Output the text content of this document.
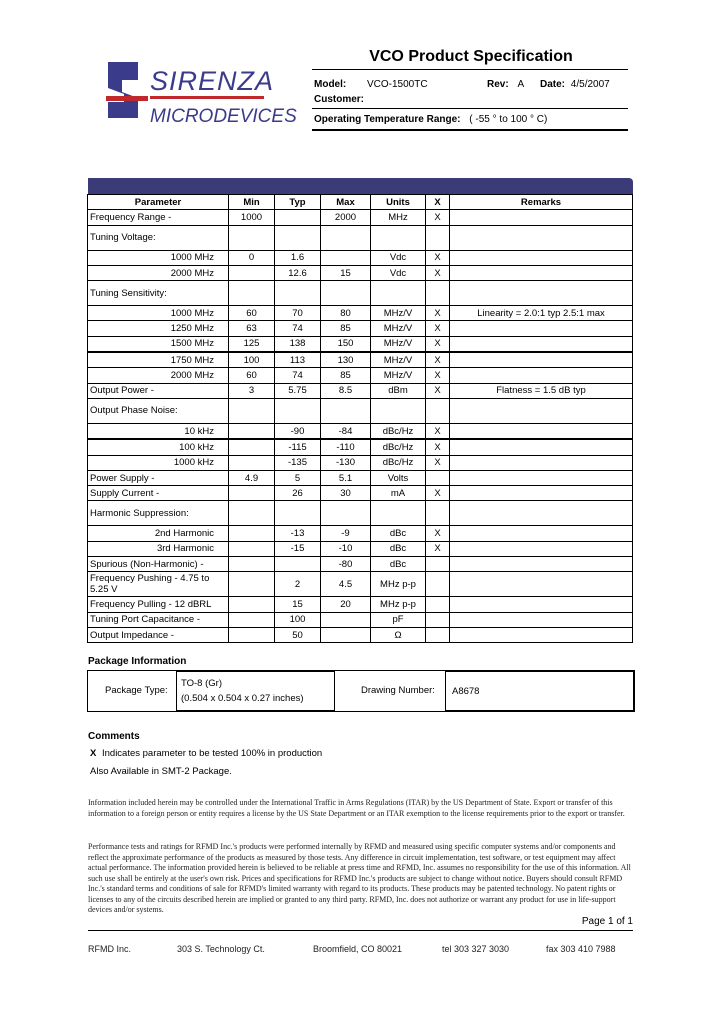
SIRENZA
MICRODEVICES
VCO Product Specification
Model: VCO-1500TC	Rev: A Date: 4/5/2007
Customer:
Operating Temperature Range: ( -55 ° to 100 ° C)
Parameter	Min	Typ	Max	Units	X	Remarks
Frequency Range -	1000		2000	MHz	X	
Tuning Voltage:						
1000 MHz	0	1.6		Vdc	X	
2000 MHz		12.6	15	Vdc	X	
Tuning Sensitivity:						
1000 MHz	60	70	80	MHz/V	X	Linearity = 2.0:1 typ 2.5:1 max
1250 MHz	63	74	85	MHz/V	X	
1500 MHz	125	138	150	MHz/V	X	
1750 MHz	100	113	130	MHz/V	X	
2000 MHz	60	74	85	MHz/V	X	
Output Power -	3	5.75	8.5	dBm	X	Flatness = 1.5 dB typ
Output Phase Noise:						
10 kHz		-90	-84	dBc/Hz	X	
100 kHz		-115	-110	dBc/Hz	X	
1000 kHz		-135	-130	dBc/Hz	X	
Power Supply -	4.9	5	5.1	Volts		
Supply Current -		26	30	mA	X	
Harmonic Suppression:						
2nd Harmonic		-13	-9	dBc	X	
3rd Harmonic		-15	-10	dBc	X	
Spurious (Non-Harmonic) -			-80	dBc		
Frequency Pushing - 4.75 to 5.25 V		2	4.5	MHz p-p		
Frequency Pulling - 12 dBRL		15	20	MHz p-p		
Tuning Port Capacitance -		100		pF		
Output Impedance -		50		Ω		
Package Information
Package Type:
TO-8 (Gr)
(0.504 x 0.504 x 0.27 inches)
Drawing Number: A8678
Comments
X Indicates parameter to be tested 100% in production
Also Available in SMT-2 Package.
Information included herein may be controlled under the International Traffic in Arms Regulations (ITAR) by the US Department of State. Export or transfer of this information to a foreign person or entity requires a license by the US State Department or an ITAR exemption to the license requirements prior to the export or transfer.
Performance tests and ratings for RFMD Inc.'s products were performed internally by RFMD and measured using specific computer systems and/or components and reflect the approximate performance of the products as measured by those tests. Any difference in circuit implementation, test software, or test equipment may affect actual performance. The information provided herein is believed to be reliable at press time and RFMD, Inc. assumes no responsibility for the use of this information. All such use shall be entirely at the user's own risk. Prices and specifications for RFMD Inc.'s products are subject to change without notice. Buyers should consult RFMD Inc.'s standard terms and conditions of sale for RFMD's limited warranty with regard to its products. These products may be patented technology. No patent rights or licenses to any of the circuits described herein are implied or granted to any third party. RFMD, Inc. does not authorize or warrant any product for use in life-support devices and/or systems.
Page 1 of 1
RFMD Inc.	303 S. Technology Ct.	Broomfield, CO 80021	tel 303 327 3030	fax 303 410 7988
